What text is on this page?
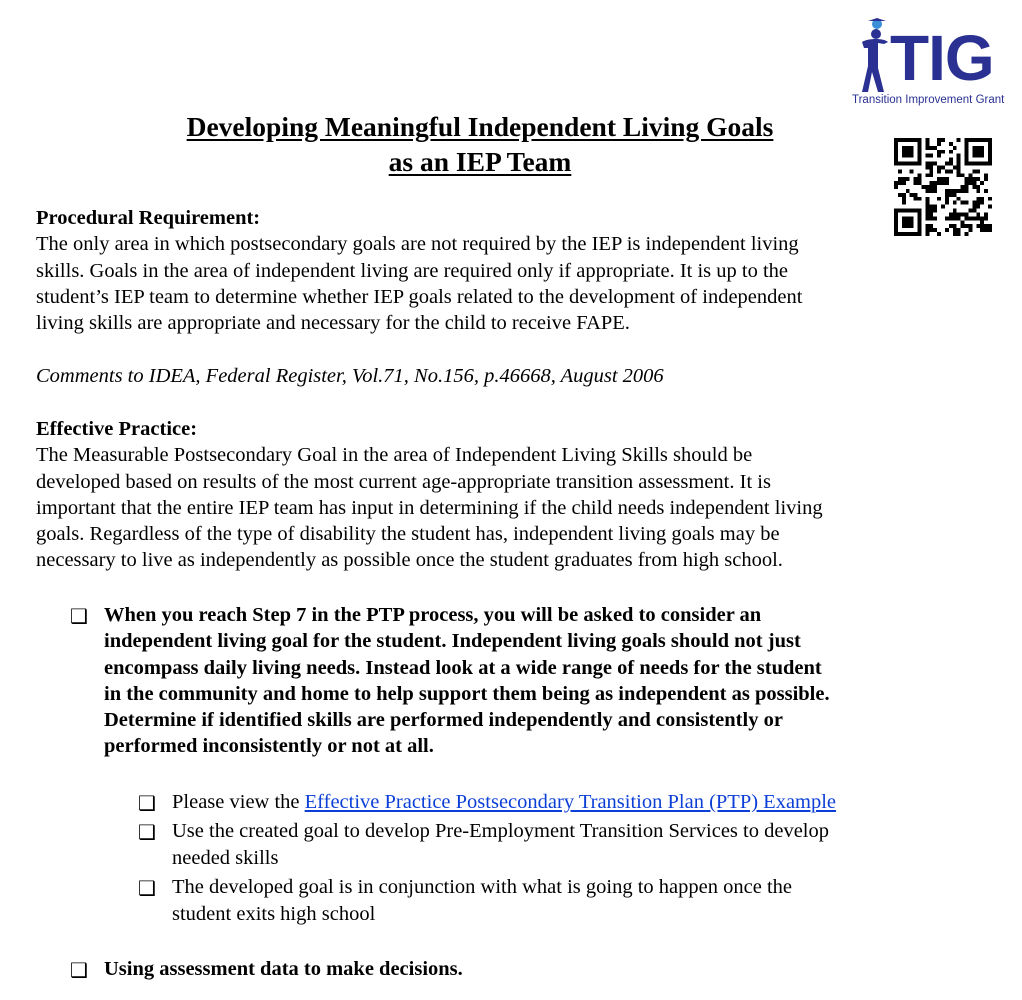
TIG
Transition Improvement Grant
Developing Meaningful Independent Living Goals
as an IEP Team
Procedural Requirement:
The only area in which postsecondary goals are not required by the IEP is independent living
skills. Goals in the area of independent living are required only if appropriate. It is up to the
student’s IEP team to determine whether IEP goals related to the development of independent
living skills are appropriate and necessary for the child to receive FAPE.
Comments to IDEA, Federal Register, Vol.71, No.156, p.46668, August 2006
Effective Practice:
The Measurable Postsecondary Goal in the area of Independent Living Skills should be
developed based on results of the most current age-appropriate transition assessment. It is
important that the entire IEP team has input in determining if the child needs independent living
goals. Regardless of the type of disability the student has, independent living goals may be
necessary to live as independently as possible once the student graduates from high school.
❑ When you reach Step 7 in the PTP process, you will be asked to consider an
independent living goal for the student. Independent living goals should not just
encompass daily living needs. Instead look at a wide range of needs for the student
in the community and home to help support them being as independent as possible.
Determine if identified skills are performed independently and consistently or
performed inconsistently or not at all.
❑ Please view the Effective Practice Postsecondary Transition Plan (PTP) Example
❑ Use the created goal to develop Pre-Employment Transition Services to develop
needed skills
❑ The developed goal is in conjunction with what is going to happen once the
student exits high school
❑ Using assessment data to make decisions.
